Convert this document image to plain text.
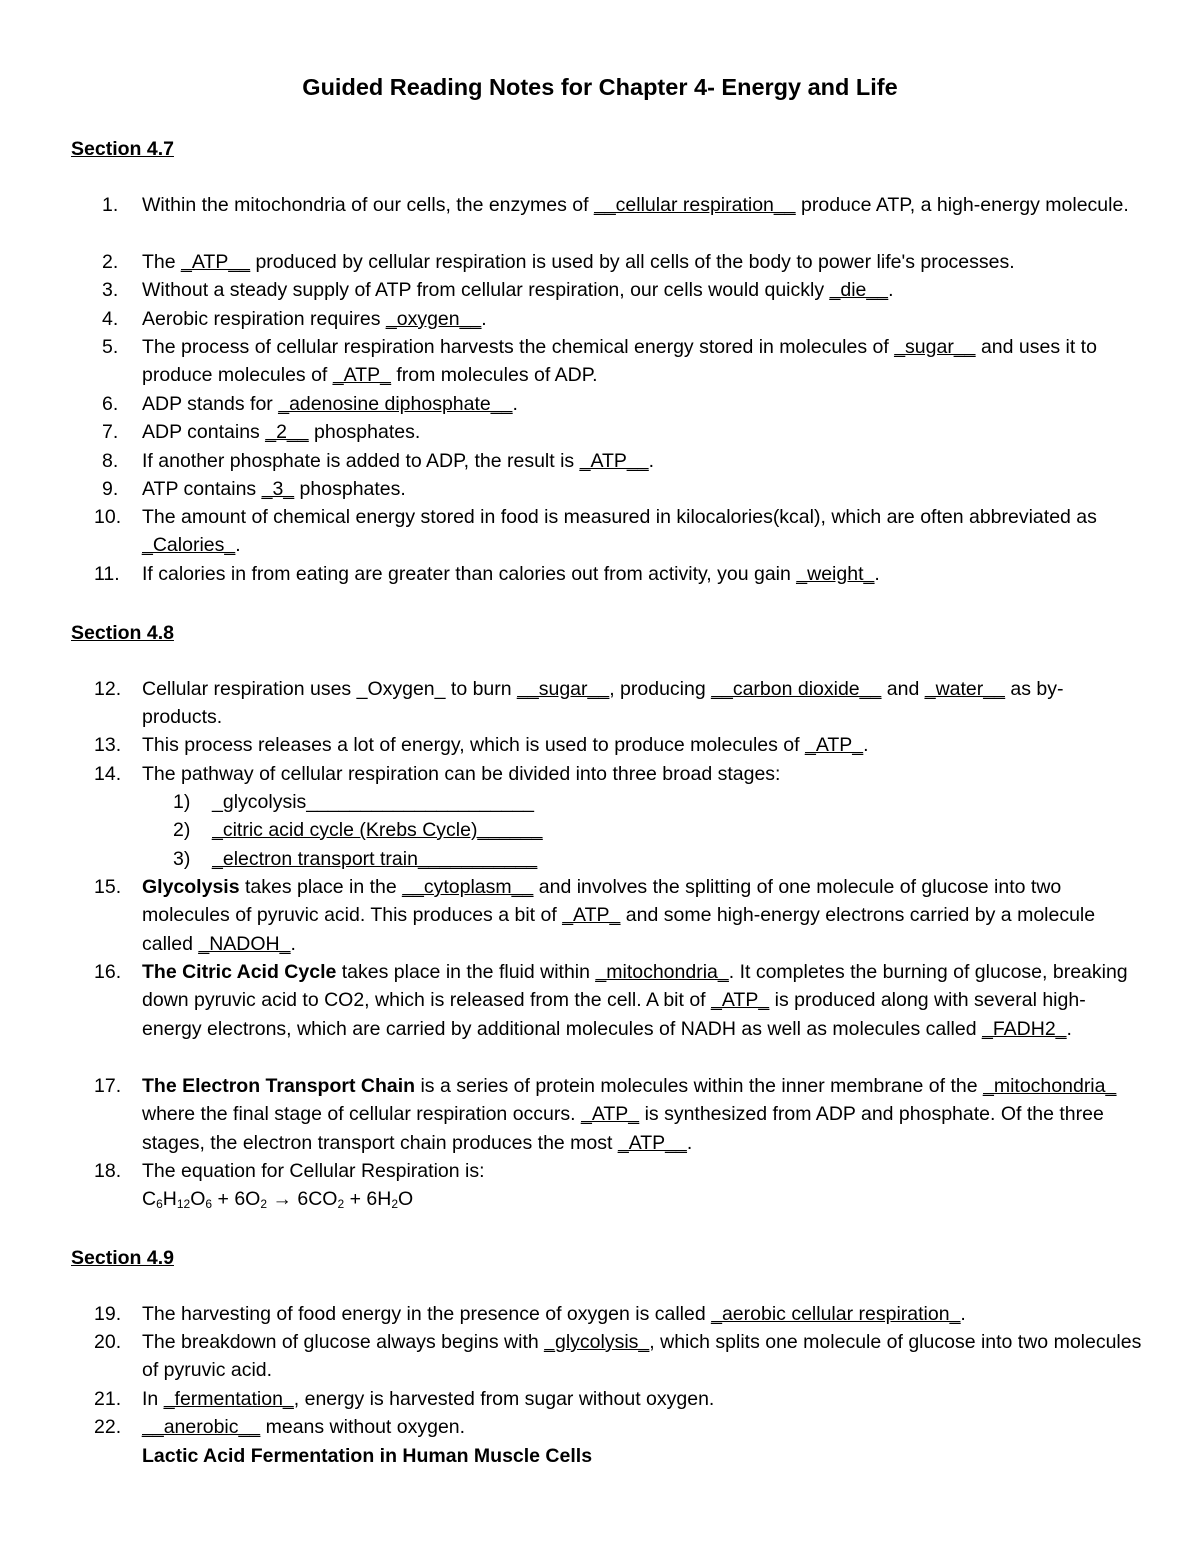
Guided Reading Notes for Chapter 4- Energy and Life
Section 4.7
1. Within the mitochondria of our cells, the enzymes of __cellular respiration__ produce ATP, a high-energy molecule.
2. The _ATP__ produced by cellular respiration is used by all cells of the body to power life's processes.
3. Without a steady supply of ATP from cellular respiration, our cells would quickly _die__.
4. Aerobic respiration requires _oxygen__.
5. The process of cellular respiration harvests the chemical energy stored in molecules of _sugar__ and uses it to produce molecules of _ATP_ from molecules of ADP.
6. ADP stands for _adenosine diphosphate__.
7. ADP contains _2__ phosphates.
8. If another phosphate is added to ADP, the result is _ATP__.
9. ATP contains _3_ phosphates.
10. The amount of chemical energy stored in food is measured in kilocalories(kcal), which are often abbreviated as _Calories_.
11. If calories in from eating are greater than calories out from activity, you gain _weight_.
Section 4.8
12. Cellular respiration uses _Oxygen_ to burn __sugar__, producing __carbon dioxide__ and _water__ as by-products.
13. This process releases a lot of energy, which is used to produce molecules of _ATP_.
14. The pathway of cellular respiration can be divided into three broad stages:
1) _glycolysis_____________________
2) _citric acid cycle (Krebs Cycle)______
3) _electron transport train___________
15. Glycolysis takes place in the __cytoplasm__ and involves the splitting of one molecule of glucose into two molecules of pyruvic acid. This produces a bit of _ATP_ and some high-energy electrons carried by a molecule called _NADOH_.
16. The Citric Acid Cycle takes place in the fluid within _mitochondria_. It completes the burning of glucose, breaking down pyruvic acid to CO2, which is released from the cell. A bit of _ATP_ is produced along with several high-energy electrons, which are carried by additional molecules of NADH as well as molecules called _FADH2_.
17. The Electron Transport Chain is a series of protein molecules within the inner membrane of the _mitochondria_ where the final stage of cellular respiration occurs. _ATP_ is synthesized from ADP and phosphate. Of the three stages, the electron transport chain produces the most _ATP__.
18. The equation for Cellular Respiration is:
$C_6H_{12}O_6 + 6O_2 \to 6CO_2 + 6H_2O$
Section 4.9
19. The harvesting of food energy in the presence of oxygen is called _aerobic cellular respiration_.
20. The breakdown of glucose always begins with _glycolysis_, which splits one molecule of glucose into two molecules of pyruvic acid.
21. In _fermentation_, energy is harvested from sugar without oxygen.
22. __anerobic__ means without oxygen.
Lactic Acid Fermentation in Human Muscle Cells
